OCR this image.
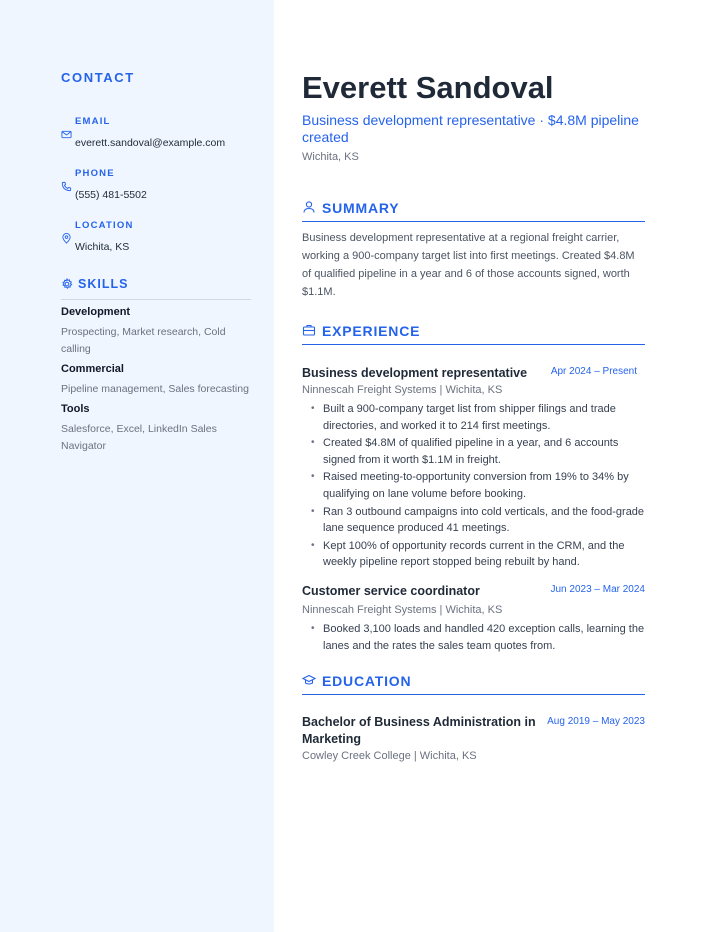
CONTACT
EMAIL
everett.sandoval@example.com
PHONE
(555) 481-5502
LOCATION
Wichita, KS
SKILLS
Development
Prospecting, Market research, Cold calling
Commercial
Pipeline management, Sales forecasting
Tools
Salesforce, Excel, LinkedIn Sales Navigator
Everett Sandoval
Business development representative · $4.8M pipeline created
Wichita, KS
SUMMARY

Business development representative at a regional freight carrier, working a 900-company target list into first meetings. Created $4.8M of qualified pipeline in a year and 6 of those accounts signed, worth $1.1M.

EXPERIENCE
Business development representative	Apr 2024 – Present
Ninnescah Freight Systems | Wichita, KS
• Built a 900-company target list from shipper filings and trade directories, and worked it to 214 first meetings.
• Created $4.8M of qualified pipeline in a year, and 6 accounts signed from it worth $1.1M in freight.
• Raised meeting-to-opportunity conversion from 19% to 34% by qualifying on lane volume before booking.
• Ran 3 outbound campaigns into cold verticals, and the food-grade lane sequence produced 41 meetings.
• Kept 100% of opportunity records current in the CRM, and the weekly pipeline report stopped being rebuilt by hand.
Customer service coordinator	Jun 2023 – Mar 2024
Ninnescah Freight Systems | Wichita, KS
• Booked 3,100 loads and handled 420 exception calls, learning the lanes and the rates the sales team quotes from.
EDUCATION
Bachelor of Business Administration in Marketing
Aug 2019 – May 2023
Cowley Creek College | Wichita, KS
